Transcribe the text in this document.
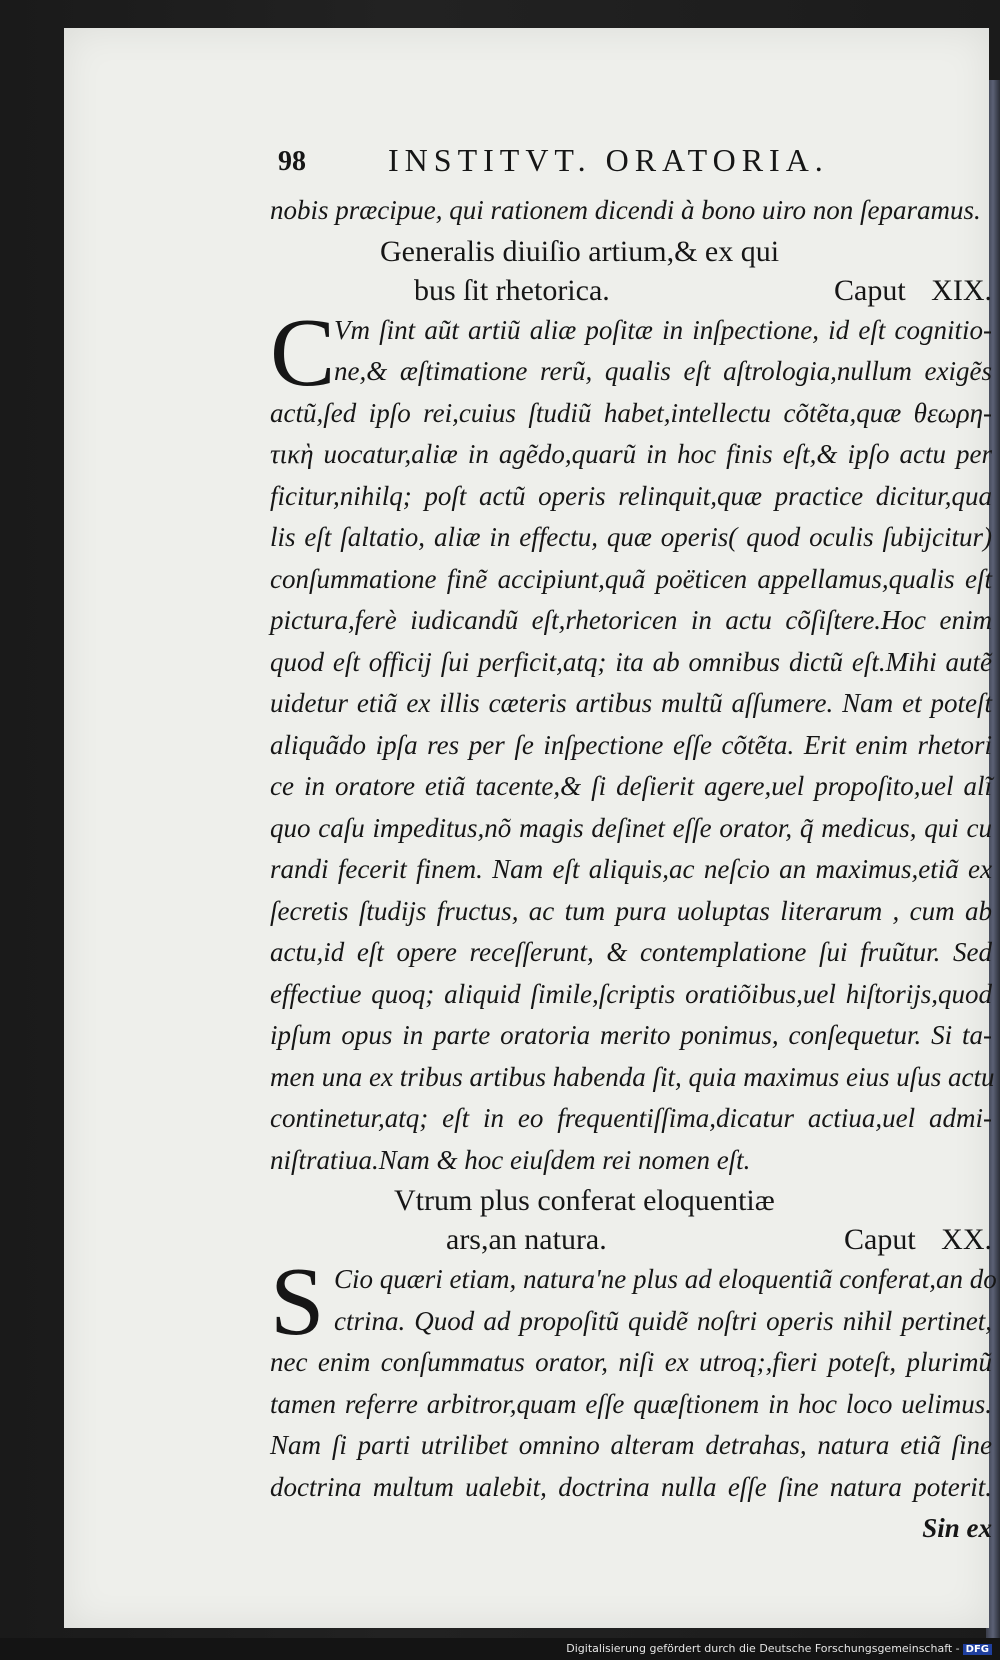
98	INSTITVT. ORATORIA.
nobis præcipue, qui rationem dicendi à bono uiro non ſeparamus.
Generalis diuiſio artium,& ex qui
bus ſit rhetorica.	Caput XIX.
C
Vm ſint aũt artiũ aliæ poſitæ in inſpectione, id eſt cognitio-
ne,& æſtimatione rerũ, qualis eſt aſtrologia,nullum exigẽs
actũ,ſed ipſo rei,cuius ſtudiũ habet,intellectu cõtẽta,quæ θεωρη-
τικὴ uocatur,aliæ in agẽdo,quarũ in hoc finis eſt,& ipſo actu per
ficitur,nihilq; poſt actũ operis relinquit,quæ practice dicitur,qua
lis eſt ſaltatio, aliæ in effectu, quæ operis( quod oculis ſubijcitur)
conſummatione finẽ accipiunt,quã poëticen appellamus,qualis eſt
pictura,ferè iudicandũ eſt,rhetoricen in actu cõſiſtere.Hoc enim
quod eſt officij ſui perficit,atq; ita ab omnibus dictũ eſt.Mihi autẽ
uidetur etiã ex illis cæteris artibus multũ aſſumere. Nam et poteſt
aliquãdo ipſa res per ſe inſpectione eſſe cõtẽta. Erit enim rhetori
ce in oratore etiã tacente,& ſi deſierit agere,uel propoſito,uel alĩ
quo caſu impeditus,nõ magis deſinet eſſe orator, q̃ medicus, qui cu
randi fecerit finem. Nam eſt aliquis,ac neſcio an maximus,etiã ex
ſecretis ſtudijs fructus, ac tum pura uoluptas literarum , cum ab
actu,id eſt opere receſſerunt, & contemplatione ſui fruũtur. Sed
effectiue quoq; aliquid ſimile,ſcriptis oratiõibus,uel hiſtorijs,quod
ipſum opus in parte oratoria merito ponimus, conſequetur. Si ta-
men una ex tribus artibus habenda ſit, quia maximus eius uſus actu
continetur,atq; eſt in eo frequentiſſima,dicatur actiua,uel admi-
niſtratiua.Nam & hoc eiuſdem rei nomen eſt.
Vtrum plus conferat eloquentiæ
ars,an natura.	Caput XX.
S Cio quæri etiam, natura'ne plus ad eloquentiã conferat,an do
ctrina. Quod ad propoſitũ quidẽ noſtri operis nihil pertinet,
nec enim conſummatus orator, niſi ex utroq;,fieri poteſt, plurimũ
tamen referre arbitror,quam eſſe quæſtionem in hoc loco uelimus.
Nam ſi parti utrilibet omnino alteram detrahas, natura etiã ſine
doctrina multum ualebit, doctrina nulla eſſe ſine natura poterit.
Sin ex
Digitalisierung gefördert durch die Deutsche Forschungsgemeinschaft - DFG
